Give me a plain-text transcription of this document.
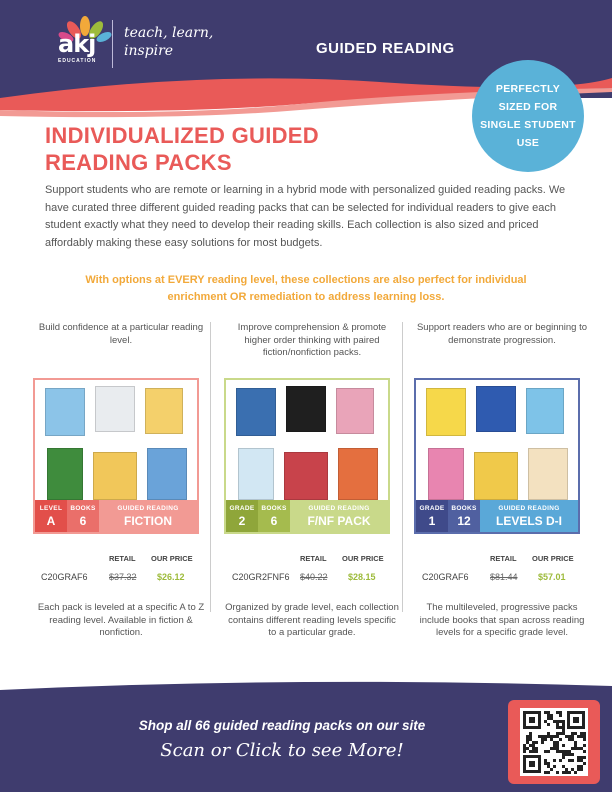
akj
EDUCATION
teach, learn,
inspire	GUIDED READING
PERFECTLY SIZED FOR SINGLE STUDENT USE
INDIVIDUALIZED GUIDED READING PACKS
Support students who are remote or learning in a hybrid mode with personalized guided reading packs. We have curated three different guided reading packs that can be selected for individual readers to give each student exactly what they need to develop their reading skills. Each collection is also sized and priced affordably making these easy solutions for most budgets.
With options at EVERY reading level, these collections are also perfect for individual enrichment OR remediation to address learning loss.
Build confidence at a particular reading level.
LEVEL
A
BOOKS
6
GUIDED READING
FICTION
RETAIL OUR PRICE
C20GRAF6 $37.32 $26.12
Each pack is leveled at a specific A to Z reading level. Available in fiction & nonfiction.
Improve comprehension & promote higher order thinking with paired fiction/nonfiction packs.
GRADE
2
BOOKS
6
GUIDED READING
F/NF PACK
RETAIL OUR PRICE
C20GR2FNF6 $40.22 $28.15
Organized by grade level, each collection contains different reading levels specific to a particular grade.
Support readers who are or beginning to demonstrate progression.
GRADE
1
BOOKS
12
GUIDED READING
LEVELS D-I
RETAIL OUR PRICE
C20GRAF6 $81.44 $57.01
The multileveled, progressive packs include books that span across reading levels for a specific grade level.
Shop all 66 guided reading packs on our site
Scan or Click to see More!
